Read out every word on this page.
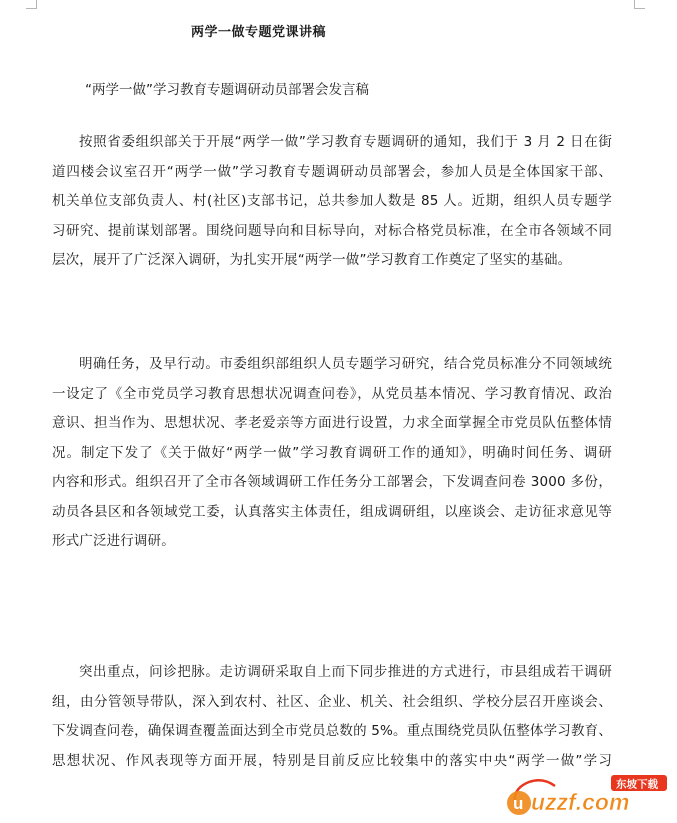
两学一做专题党课讲稿
“两学一做”学习教育专题调研动员部署会发言稿
按照省委组织部关于开展“两学一做”学习教育专题调研的通知，我们于 3 月 2 日在街
道四楼会议室召开“两学一做”学习教育专题调研动员部署会，参加人员是全体国家干部、
机关单位支部负责人、村(社区)支部书记，总共参加人数是 85 人。近期，组织人员专题学
习研究、提前谋划部署。围绕问题导向和目标导向，对标合格党员标准，在全市各领域不同
层次，展开了广泛深入调研，为扎实开展“两学一做”学习教育工作奠定了坚实的基础。
明确任务，及早行动。市委组织部组织人员专题学习研究，结合党员标准分不同领域统
一设定了《全市党员学习教育思想状况调查问卷》，从党员基本情况、学习教育情况、政治
意识、担当作为、思想状况、孝老爱亲等方面进行设置，力求全面掌握全市党员队伍整体情
况。制定下发了《关于做好“两学一做”学习教育调研工作的通知》，明确时间任务、调研
内容和形式。组织召开了全市各领域调研工作任务分工部署会，下发调查问卷 3000 多份，
动员各县区和各领域党工委，认真落实主体责任，组成调研组，以座谈会、走访征求意见等
形式广泛进行调研。
突出重点，问诊把脉。走访调研采取自上而下同步推进的方式进行，市县组成若干调研
组，由分管领导带队，深入到农村、社区、企业、机关、社会组织、学校分层召开座谈会、
下发调查问卷，确保调查覆盖面达到全市党员总数的 5%。重点围绕党员队伍整体学习教育、
思想状况、作风表现等方面开展，特别是目前反应比较集中的落实中央“两学一做”学习
u
东坡下载
uzzf.com
